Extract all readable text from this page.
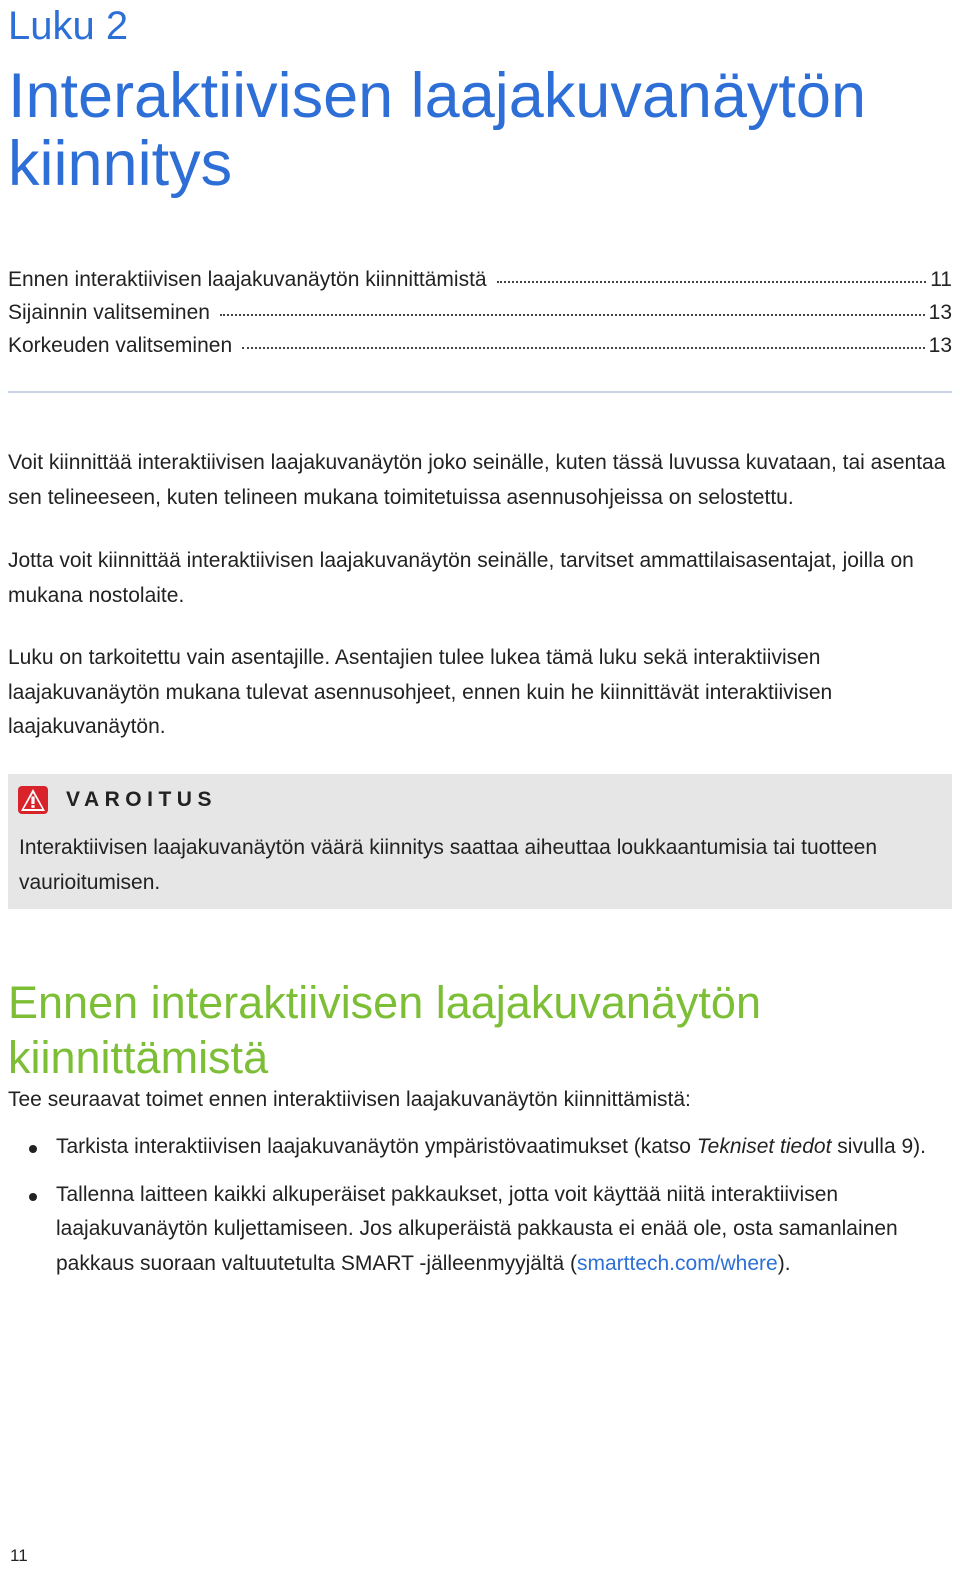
Luku 2
Interaktiivisen laajakuvanäytön kiinnitys
Ennen interaktiivisen laajakuvanäytön kiinnittämistä	11
Sijainnin valitseminen	13
Korkeuden valitseminen	13

Voit kiinnittää interaktiivisen laajakuvanäytön joko seinälle, kuten tässä luvussa kuvataan, tai asentaa sen telineeseen, kuten telineen mukana toimitetuissa asennusohjeissa on selostettu.

Jotta voit kiinnittää interaktiivisen laajakuvanäytön seinälle, tarvitset ammattilaisasentajat, joilla on mukana nostolaite.

Luku on tarkoitettu vain asentajille. Asentajien tulee lukea tämä luku sekä interaktiivisen laajakuvanäytön mukana tulevat asennusohjeet, ennen kuin he kiinnittävät interaktiivisen laajakuvanäytön.

VAROITUS

Interaktiivisen laajakuvanäytön väärä kiinnitys saattaa aiheuttaa loukkaantumisia tai tuotteen vaurioitumisen.

Ennen interaktiivisen laajakuvanäytön kiinnittämistä

Tee seuraavat toimet ennen interaktiivisen laajakuvanäytön kiinnittämistä:

Tarkista interaktiivisen laajakuvanäytön ympäristövaatimukset (katso Tekniset tiedot sivulla 9).
Tallenna laitteen kaikki alkuperäiset pakkaukset, jotta voit käyttää niitä interaktiivisen laajakuvanäytön kuljettamiseen. Jos alkuperäistä pakkausta ei enää ole, osta samanlainen pakkaus suoraan valtuutetulta SMART -jälleenmyyjältä (smarttech.com/where).
11
